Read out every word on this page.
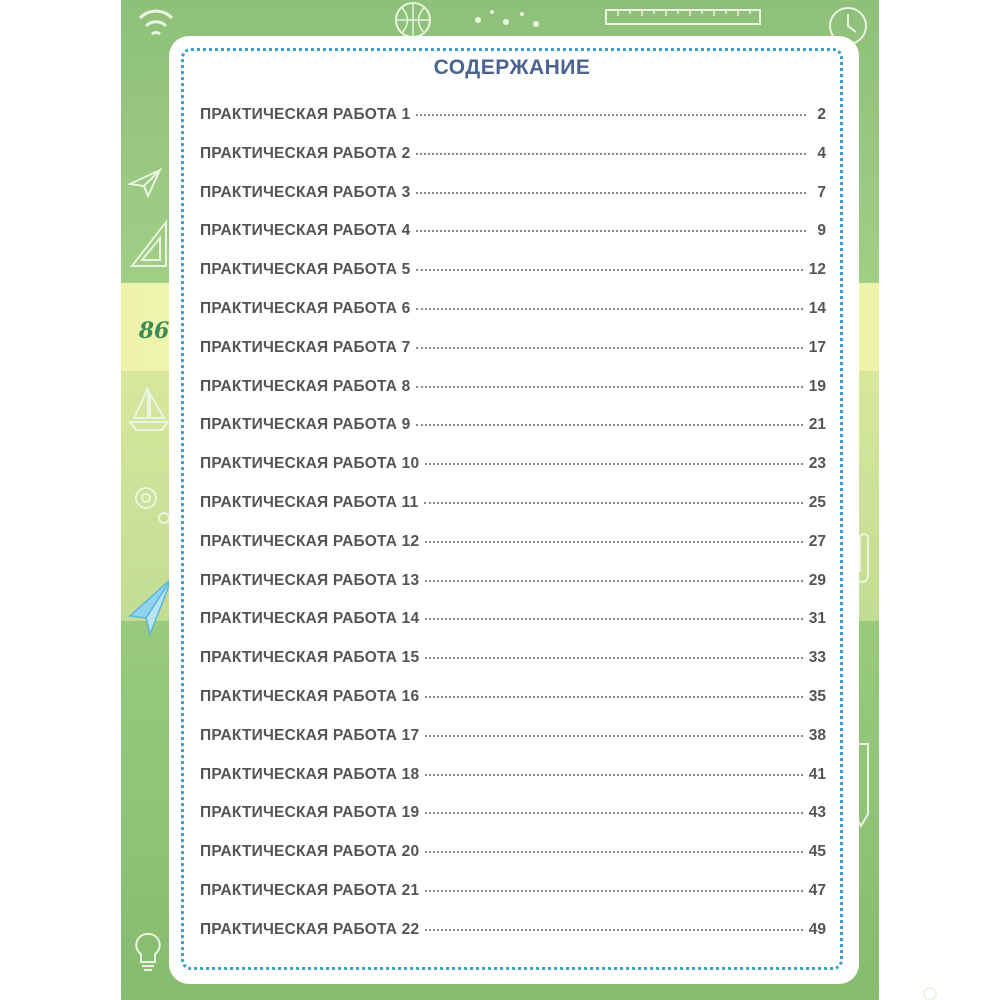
86
СОДЕРЖАНИЕ
ПРАКТИЧЕСКАЯ РАБОТА 1	2
ПРАКТИЧЕСКАЯ РАБОТА 2	4
ПРАКТИЧЕСКАЯ РАБОТА 3	7
ПРАКТИЧЕСКАЯ РАБОТА 4	9
ПРАКТИЧЕСКАЯ РАБОТА 5	12
ПРАКТИЧЕСКАЯ РАБОТА 6	14
ПРАКТИЧЕСКАЯ РАБОТА 7	17
ПРАКТИЧЕСКАЯ РАБОТА 8	19
ПРАКТИЧЕСКАЯ РАБОТА 9	21
ПРАКТИЧЕСКАЯ РАБОТА 10	23
ПРАКТИЧЕСКАЯ РАБОТА 11	25
ПРАКТИЧЕСКАЯ РАБОТА 12	27
ПРАКТИЧЕСКАЯ РАБОТА 13	29
ПРАКТИЧЕСКАЯ РАБОТА 14	31
ПРАКТИЧЕСКАЯ РАБОТА 15	33
ПРАКТИЧЕСКАЯ РАБОТА 16	35
ПРАКТИЧЕСКАЯ РАБОТА 17	38
ПРАКТИЧЕСКАЯ РАБОТА 18	41
ПРАКТИЧЕСКАЯ РАБОТА 19	43
ПРАКТИЧЕСКАЯ РАБОТА 20	45
ПРАКТИЧЕСКАЯ РАБОТА 21	47
ПРАКТИЧЕСКАЯ РАБОТА 22	49
